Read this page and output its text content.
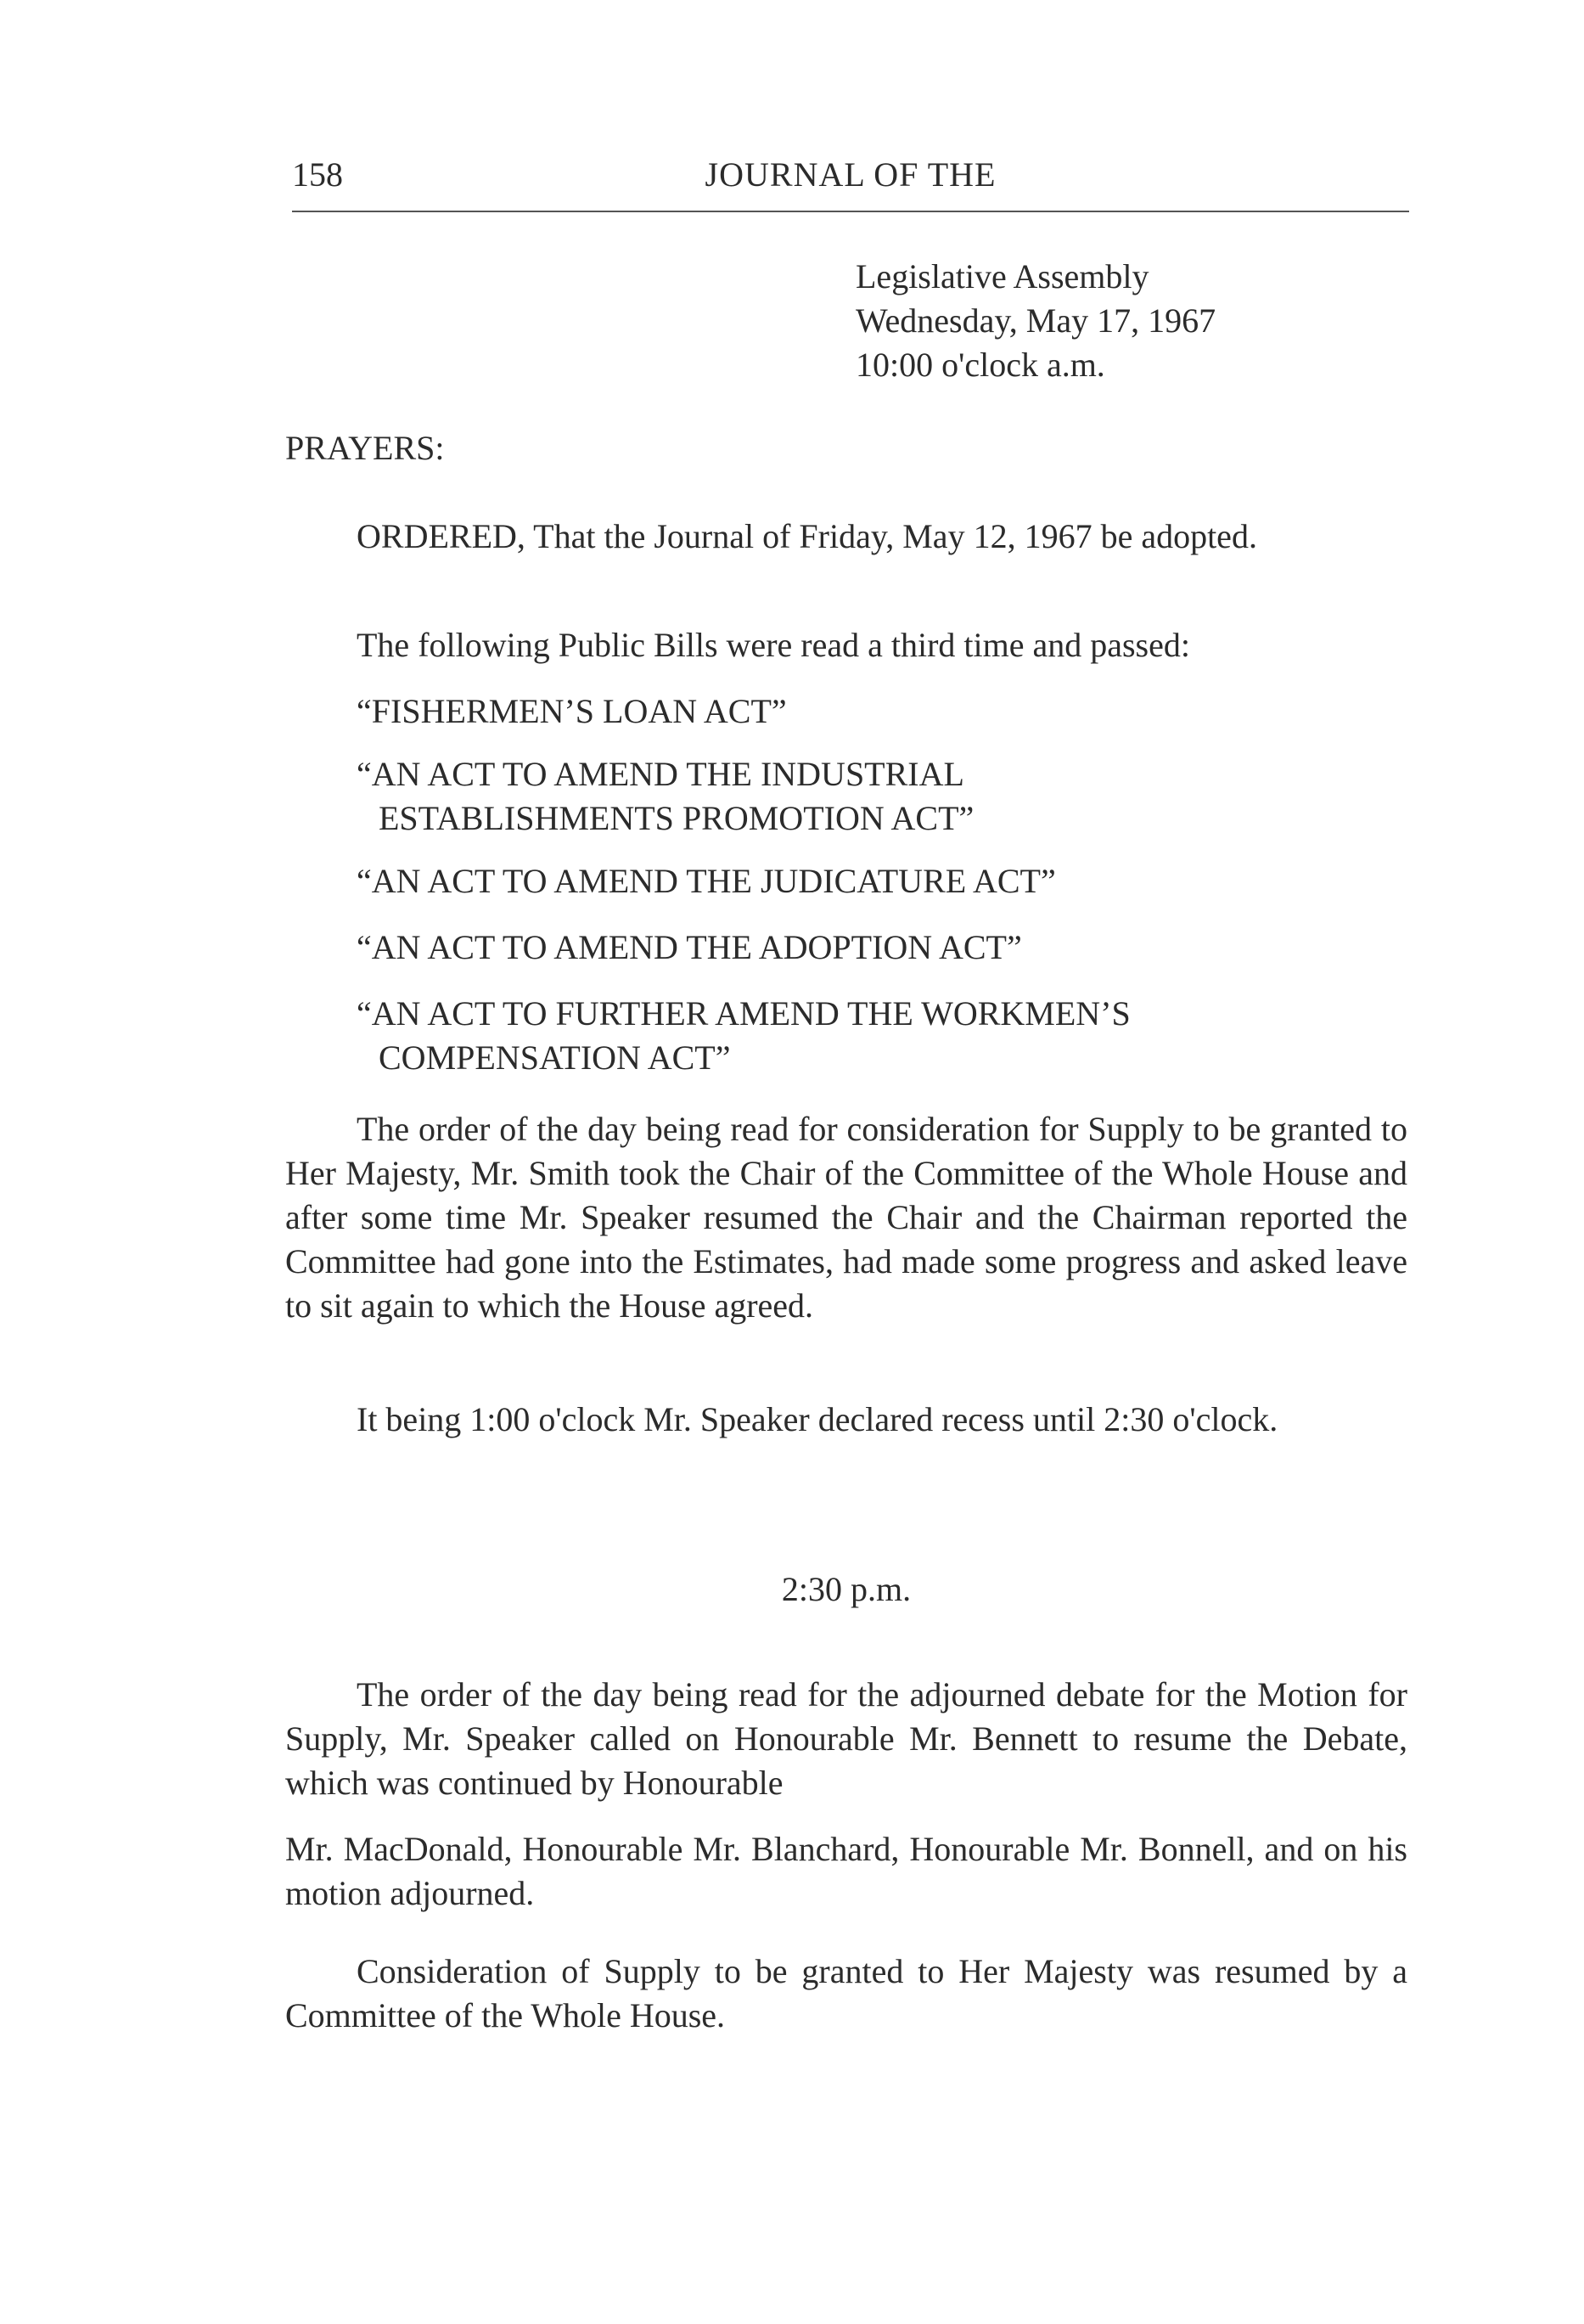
158	JOURNAL OF THE
Legislative Assembly
Wednesday, May 17, 1967
10:00 o'clock a.m.
PRAYERS:
ORDERED, That the Journal of Friday, May 12, 1967 be adopted.
The following Public Bills were read a third time and passed:
“FISHERMEN’S LOAN ACT”
“AN ACT TO AMEND THE INDUSTRIAL
ESTABLISHMENTS PROMOTION ACT”
“AN ACT TO AMEND THE JUDICATURE ACT”
“AN ACT TO AMEND THE ADOPTION ACT”
“AN ACT TO FURTHER AMEND THE WORKMEN’S
COMPENSATION ACT”
The order of the day being read for consideration for Supply to be granted to Her Majesty, Mr. Smith took the Chair of the Committee of the Whole House and after some time Mr. Speaker resumed the Chair and the Chairman reported the Committee had gone into the Estimates, had made some progress and asked leave to sit again to which the House agreed.
It being 1:00 o'clock Mr. Speaker declared recess until 2:30 o'clock.
2:30 p.m.
The order of the day being read for the adjourned debate for the Motion for Supply, Mr. Speaker called on Honourable Mr. Bennett to resume the Debate, which was continued by Honourable
Mr. MacDonald, Honourable Mr. Blanchard, Honourable Mr. Bonnell, and on his motion adjourned.
Consideration of Supply to be granted to Her Majesty was resumed by a Committee of the Whole House.
